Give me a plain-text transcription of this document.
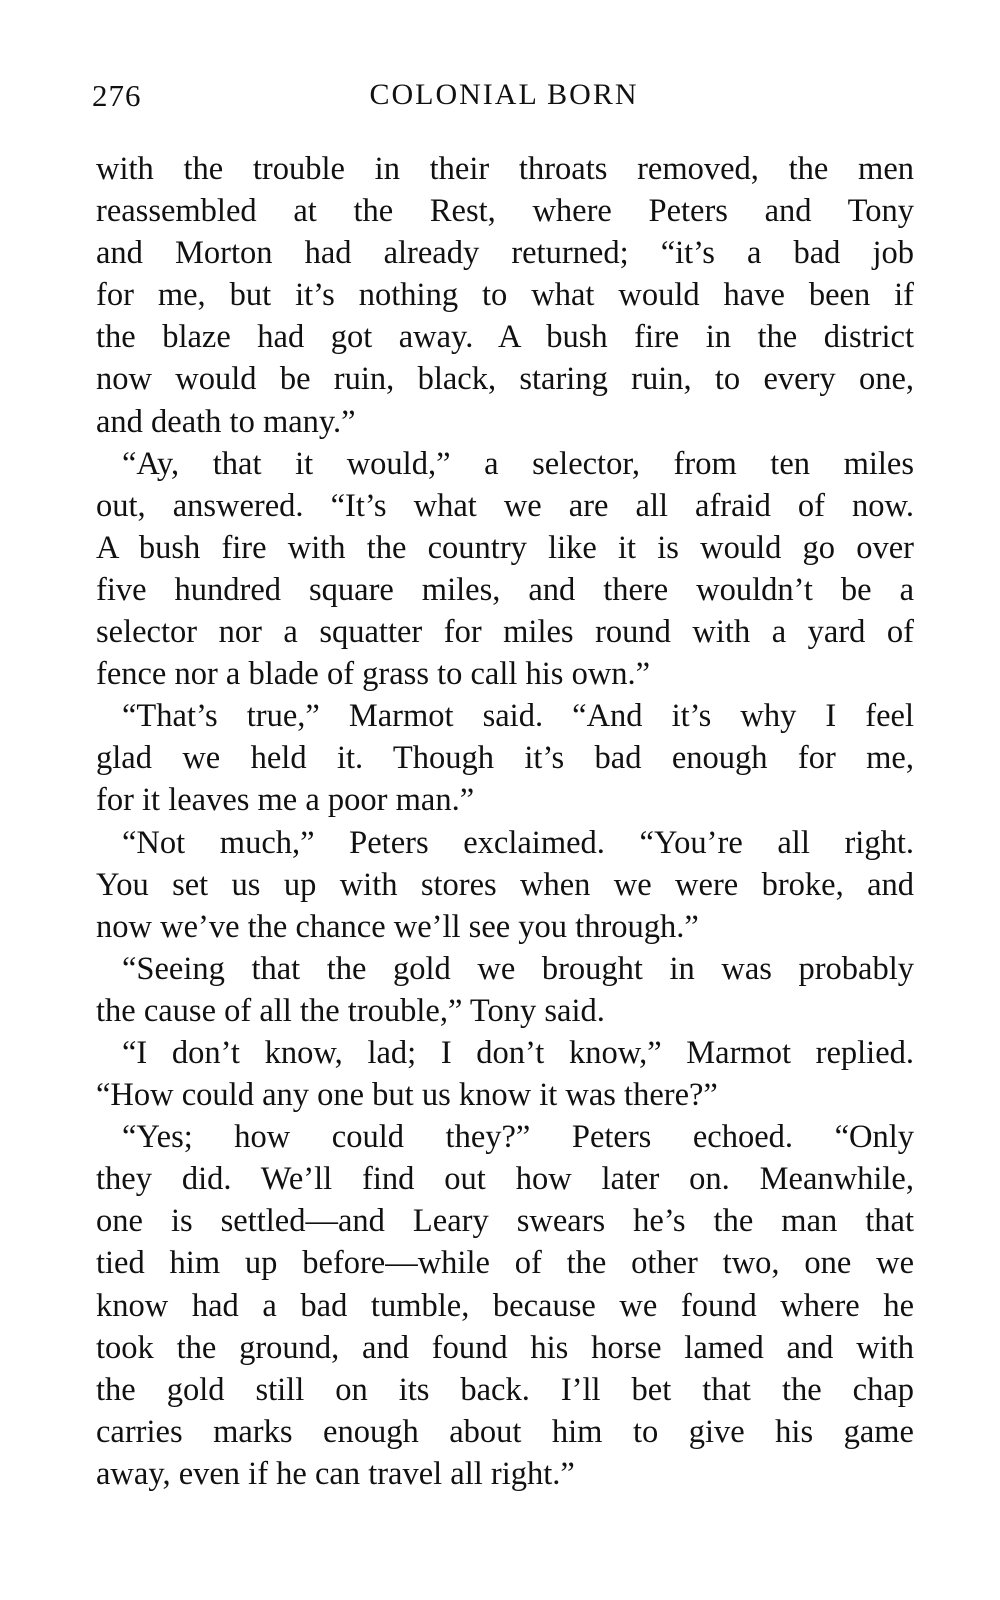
276	COLONIAL BORN
with the trouble in their throats removed, the men
reassembled at the Rest, where Peters and Tony
and Morton had already returned; “it’s a bad job
for me, but it’s nothing to what would have been if
the blaze had got away. A bush fire in the district
now would be ruin, black, staring ruin, to every one,
and death to many.”
“Ay, that it would,” a selector, from ten miles
out, answered. “It’s what we are all afraid of now.
A bush fire with the country like it is would go over
five hundred square miles, and there wouldn’t be a
selector nor a squatter for miles round with a yard of
fence nor a blade of grass to call his own.”
“That’s true,” Marmot said. “And it’s why I feel
glad we held it. Though it’s bad enough for me,
for it leaves me a poor man.”
“Not much,” Peters exclaimed. “You’re all right.
You set us up with stores when we were broke, and
now we’ve the chance we’ll see you through.”
“Seeing that the gold we brought in was probably
the cause of all the trouble,” Tony said.
“I don’t know, lad; I don’t know,” Marmot replied.
“How could any one but us know it was there?”
“Yes; how could they?” Peters echoed. “Only
they did. We’ll find out how later on. Meanwhile,
one is settled—and Leary swears he’s the man that
tied him up before—while of the other two, one we
know had a bad tumble, because we found where he
took the ground, and found his horse lamed and with
the gold still on its back. I’ll bet that the chap
carries marks enough about him to give his game
away, even if he can travel all right.”
